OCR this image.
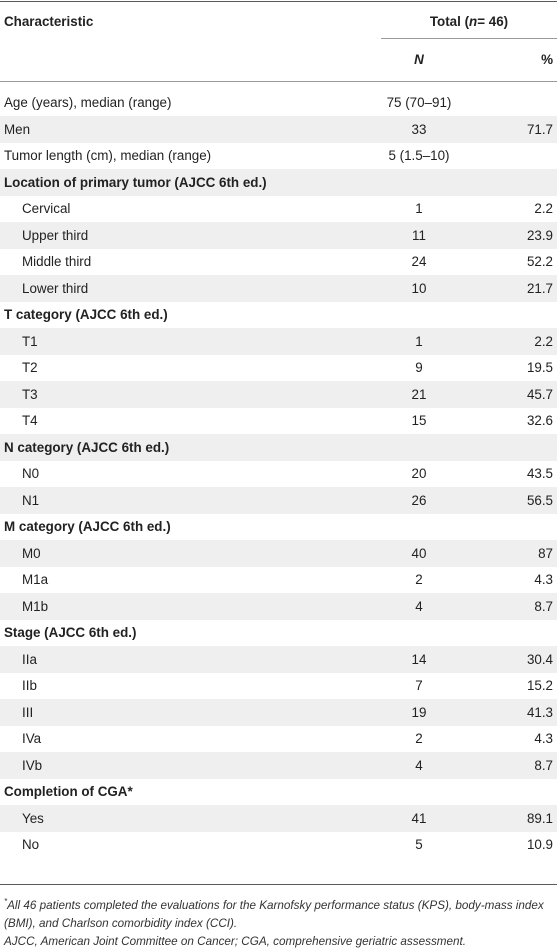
Characteristic	Total ( n = 46)
N	%
Age (years), median (range)	75 (70–91)
Men	33	71.7
Tumor length (cm), median (range)	5 (1.5–10)
Location of primary tumor (AJCC 6th ed.)
Cervical	1	2.2
Upper third	11	23.9
Middle third	24	52.2
Lower third	10	21.7
T category (AJCC 6th ed.)
T1	1	2.2
T2	9	19.5
T3	21	45.7
T4	15	32.6
N category (AJCC 6th ed.)
N0	20	43.5
N1	26	56.5
M category (AJCC 6th ed.)
M0	40	87
M1a	2	4.3
M1b	4	8.7
Stage (AJCC 6th ed.)
IIa	14	30.4
IIb	7	15.2
III	19	41.3
IVa	2	4.3
IVb	4	8.7
Completion of CGA*
Yes	41	89.1
No	5	10.9

*All 46 patients completed the evaluations for the Karnofsky performance status (KPS), body-mass index (BMI), and Charlson comorbidity index (CCI).

AJCC, American Joint Committee on Cancer; CGA, comprehensive geriatric assessment.
